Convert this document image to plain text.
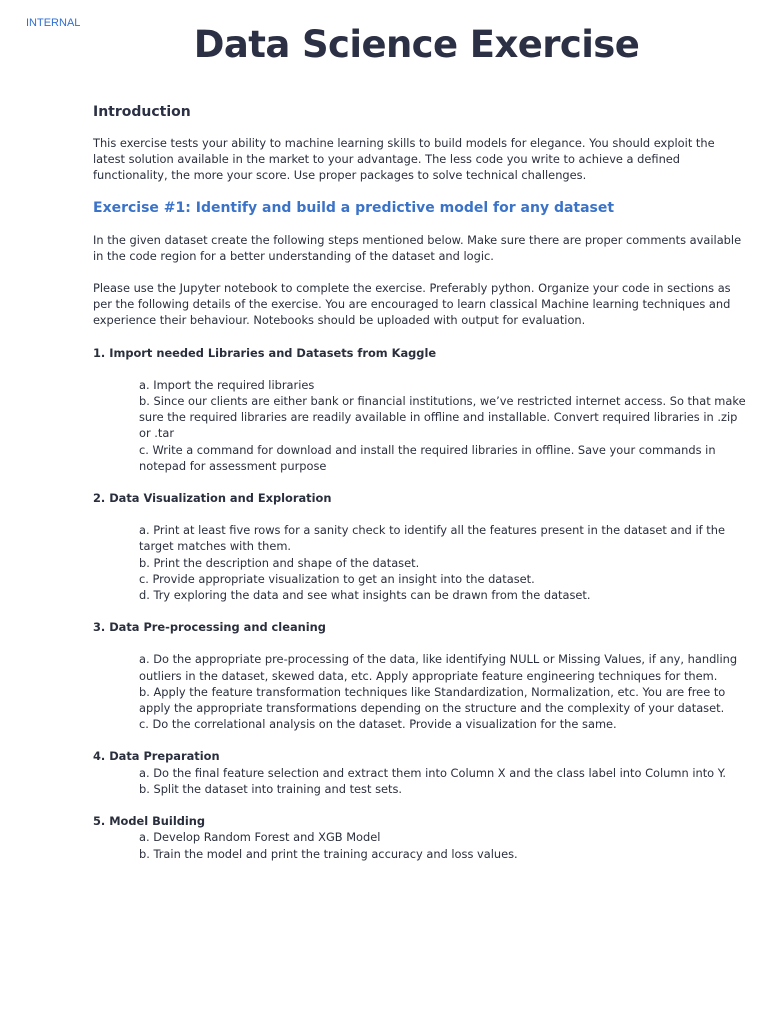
INTERNAL	Data Science Exercise
Introduction

This exercise tests your ability to machine learning skills to build models for elegance. You should exploit the latest solution available in the market to your advantage. The less code you write to achieve a defined functionality, the more your score. Use proper packages to solve technical challenges.

Exercise #1: Identify and build a predictive model for any dataset

In the given dataset create the following steps mentioned below. Make sure there are proper comments available in the code region for a better understanding of the dataset and logic.

Please use the Jupyter notebook to complete the exercise. Preferably python. Organize your code in sections as per the following details of the exercise. You are encouraged to learn classical Machine learning techniques and experience their behaviour. Notebooks should be uploaded with output for evaluation.

1. Import needed Libraries and Datasets from Kaggle
a. Import the required libraries
b. Since our clients are either bank or financial institutions, we’ve restricted internet access. So that make sure the required libraries are readily available in offline and installable. Convert required libraries in .zip or .tar
c. Write a command for download and install the required libraries in offline. Save your commands in notepad for assessment purpose
2. Data Visualization and Exploration
a. Print at least five rows for a sanity check to identify all the features present in the dataset and if the target matches with them.
b. Print the description and shape of the dataset.
c. Provide appropriate visualization to get an insight into the dataset.
d. Try exploring the data and see what insights can be drawn from the dataset.
3. Data Pre-processing and cleaning
a. Do the appropriate pre-processing of the data, like identifying NULL or Missing Values, if any, handling outliers in the dataset, skewed data, etc. Apply appropriate feature engineering techniques for them.
b. Apply the feature transformation techniques like Standardization, Normalization, etc. You are free to apply the appropriate transformations depending on the structure and the complexity of your dataset.
c. Do the correlational analysis on the dataset. Provide a visualization for the same.
4. Data Preparation
a. Do the final feature selection and extract them into Column X and the class label into Column into Y.
b. Split the dataset into training and test sets.
5. Model Building
a. Develop Random Forest and XGB Model
b. Train the model and print the training accuracy and loss values.
